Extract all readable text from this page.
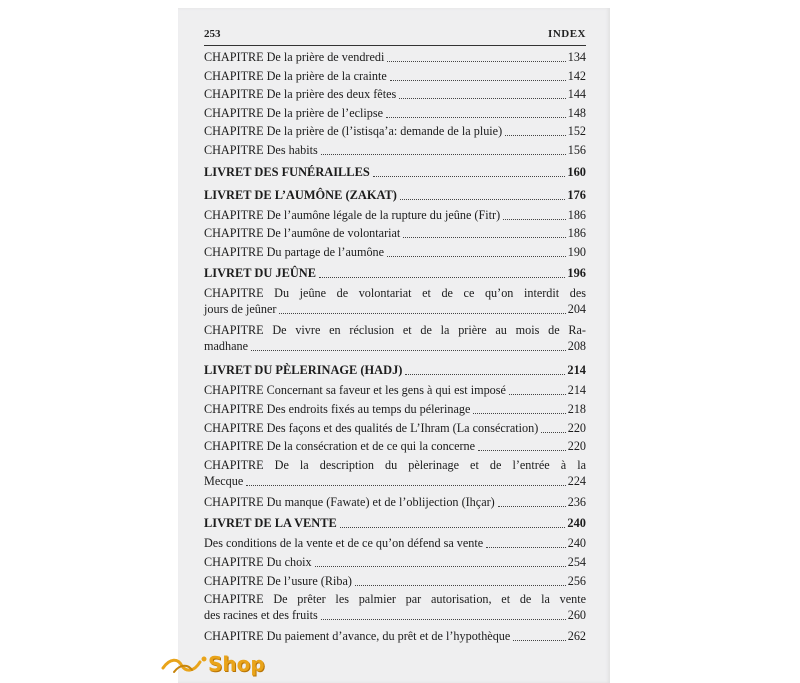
253	INDEX
CHAPITRE De la prière de vendredi	134
CHAPITRE De la prière de la crainte	142
CHAPITRE De la prière des deux fêtes	144
CHAPITRE De la prière de l’eclipse	148
CHAPITRE De la prière de (l’istisqa’a: demande de la pluie)	152
CHAPITRE Des habits	156
LIVRET DES FUNÉRAILLES	160
LIVRET DE L’AUMÔNE (ZAKAT)	176
CHAPITRE De l’aumône légale de la rupture du jeûne (Fitr)	186
CHAPITRE De l’aumône de volontariat	186
CHAPITRE Du partage de l’aumône	190
LIVRET DU JEÛNE	196
CHAPITRE Du jeûne de volontariat et de ce qu’on interdit des
jours de jeûner	204
CHAPITRE De vivre en réclusion et de la prière au mois de Ra-
madhane	208
LIVRET DU PÈLERINAGE (HADJ)	214
CHAPITRE Concernant sa faveur et les gens à qui est imposé	214
CHAPITRE Des endroits fixés au temps du pélerinage	218
CHAPITRE Des façons et des qualités de L’Ihram (La consécration) 220
CHAPITRE De la consécration et de ce qui la concerne	220
CHAPITRE De la description du pèlerinage et de l’entrée à la
Mecque	224
CHAPITRE Du manque (Fawate) et de l’oblijection (Ihçar)	236
LIVRET DE LA VENTE	240
Des conditions de la vente et de ce qu’on défend sa vente	240
CHAPITRE Du choix	254
CHAPITRE De l’usure (Riba)	256
CHAPITRE De prêter les palmier par autorisation, et de la vente
des racines et des fruits	260
CHAPITRE Du paiement d’avance, du prêt et de l’hypothèque	262
Shop
